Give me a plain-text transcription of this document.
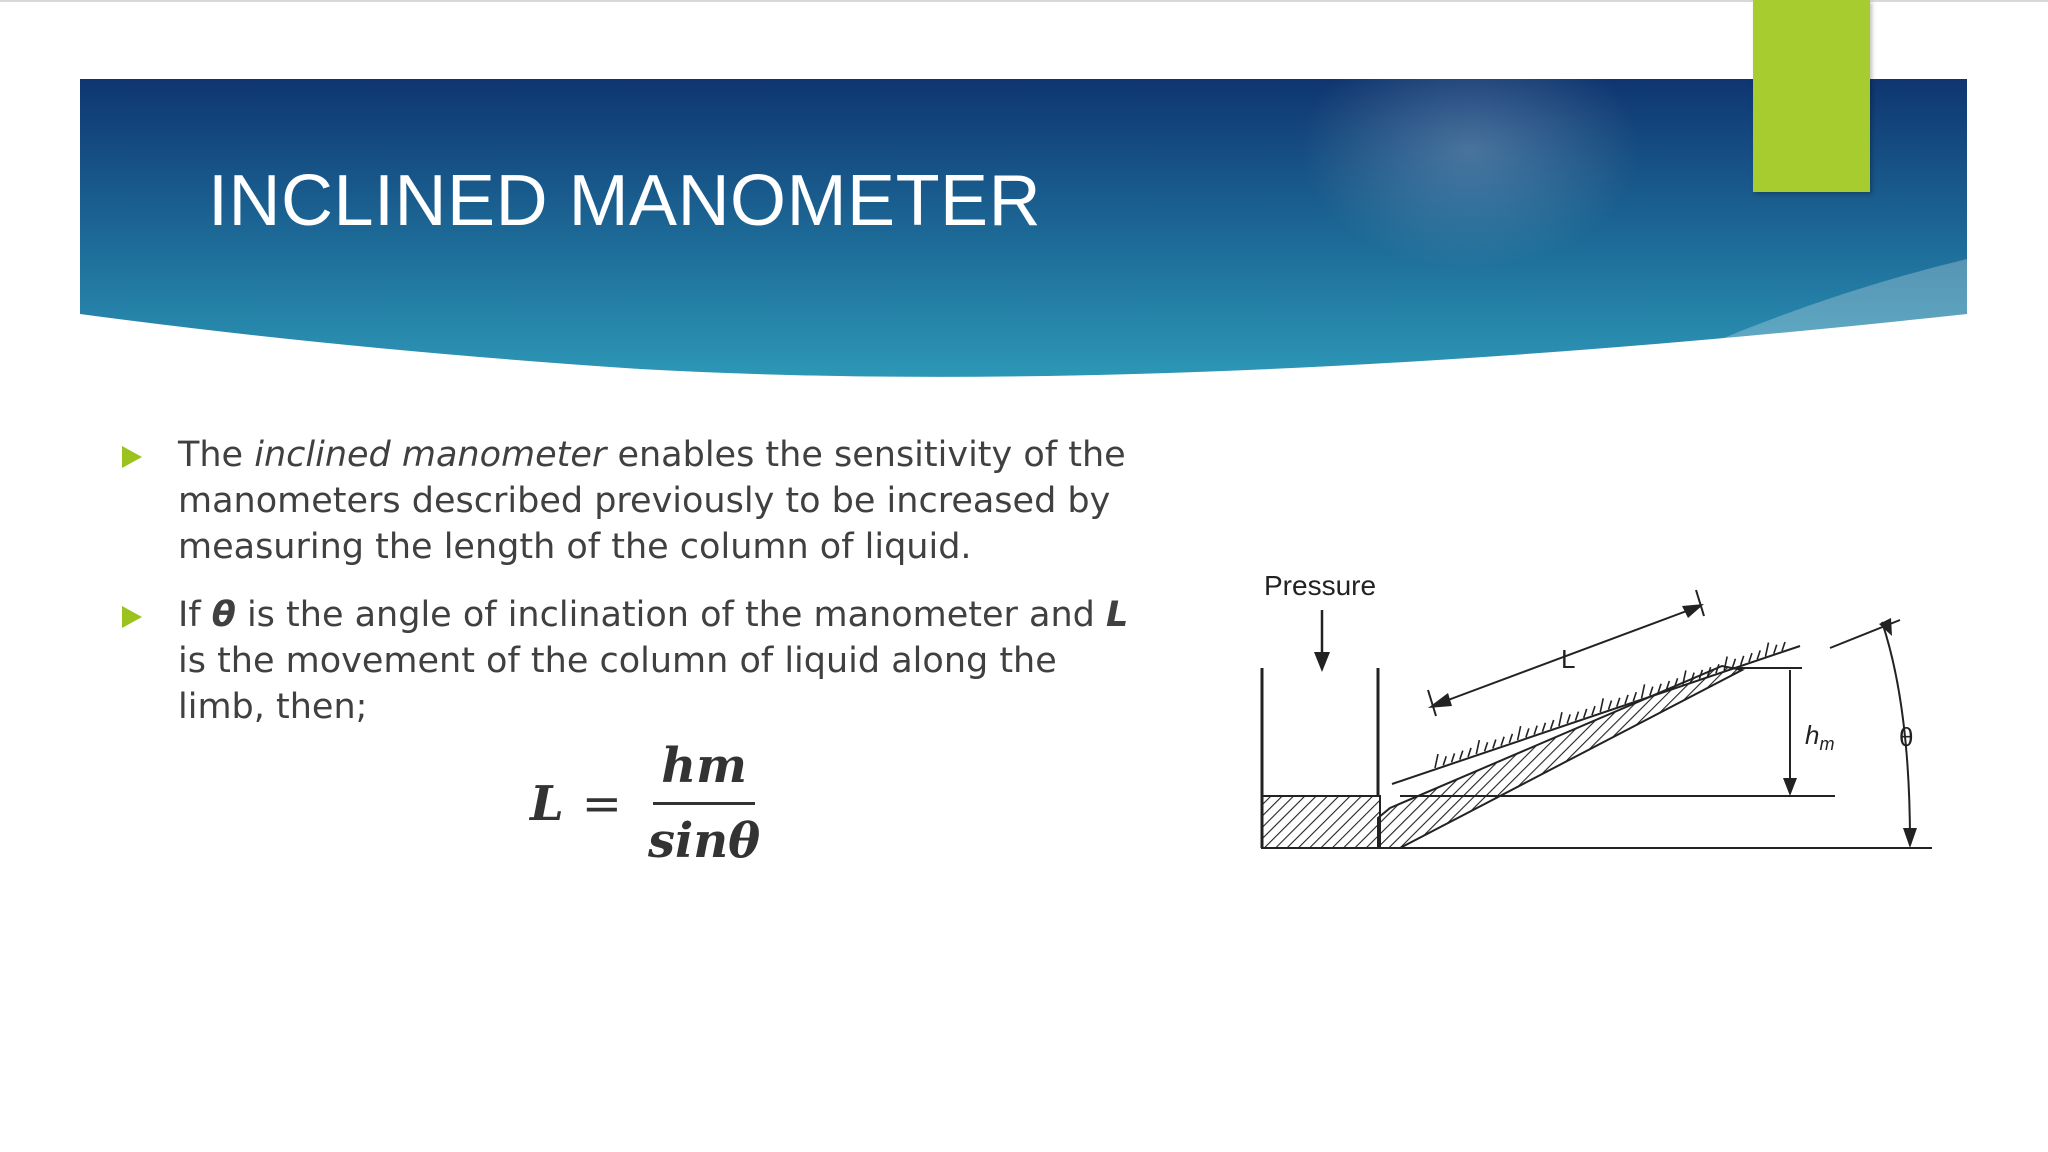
INCLINED MANOMETER
The inclined manometer enables the sensitivity of the manometers described previously to be increased by measuring the length of the column of liquid.
If θ is the angle of inclination of the manometer and L is the movement of the column of liquid along the limb, then;
$L = \frac{hm}{\sin\theta}$
Pressure
L
$h_m$ θ
